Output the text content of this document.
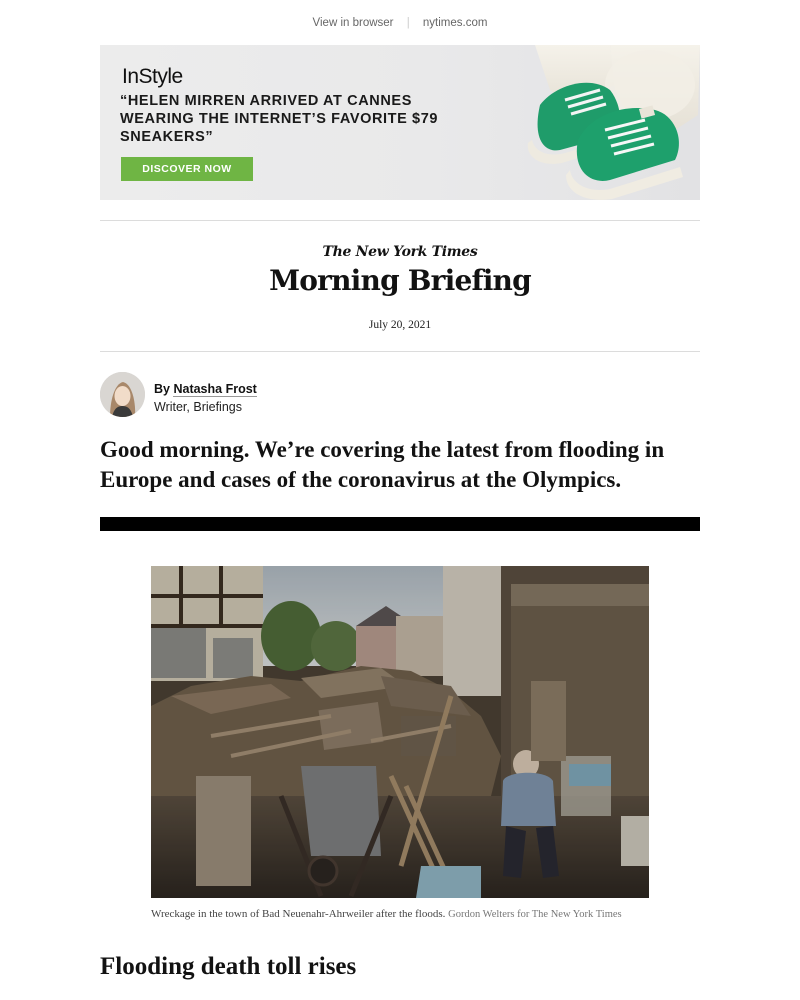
View in browser | nytimes.com
InStyle
“HELEN MIRREN ARRIVED AT CANNES WEARING THE INTERNET’S FAVORITE $79 SNEAKERS”
DISCOVER NOW
The New York Times
Morning Briefing
July 20, 2021
By Natasha Frost
Writer, Briefings
Good morning. We’re covering the latest from flooding in Europe and cases of the coronavirus at the Olympics.
Wreckage in the town of Bad Neuenahr-Ahrweiler after the floods. Gordon Welters for The New York Times
Flooding death toll rises
